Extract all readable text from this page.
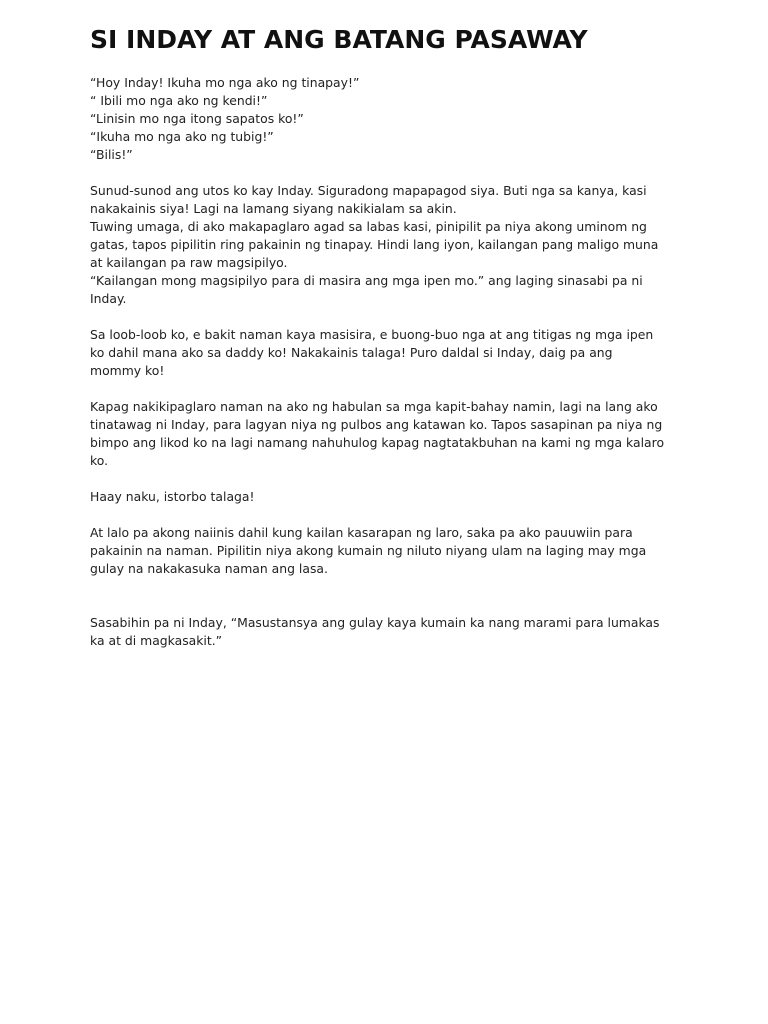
SI INDAY AT ANG BATANG PASAWAY
“Hoy Inday! Ikuha mo nga ako ng tinapay!”
“ Ibili mo nga ako ng kendi!”
“Linisin mo nga itong sapatos ko!”
“Ikuha mo nga ako ng tubig!”
“Bilis!”
Sunud-sunod ang utos ko kay Inday. Siguradong mapapagod siya. Buti nga sa kanya, kasi
nakakainis siya! Lagi na lamang siyang nakikialam sa akin.
Tuwing umaga, di ako makapaglaro agad sa labas kasi, pinipilit pa niya akong uminom ng
gatas, tapos pipilitin ring pakainin ng tinapay. Hindi lang iyon, kailangan pang maligo muna
at kailangan pa raw magsipilyo.
“Kailangan mong magsipilyo para di masira ang mga ipen mo.” ang laging sinasabi pa ni
Inday.
Sa loob-loob ko, e bakit naman kaya masisira, e buong-buo nga at ang titigas ng mga ipen
ko dahil mana ako sa daddy ko! Nakakainis talaga! Puro daldal si Inday, daig pa ang
mommy ko!
Kapag nakikipaglaro naman na ako ng habulan sa mga kapit-bahay namin, lagi na lang ako
tinatawag ni Inday, para lagyan niya ng pulbos ang katawan ko. Tapos sasapinan pa niya ng
bimpo ang likod ko na lagi namang nahuhulog kapag nagtatakbuhan na kami ng mga kalaro
ko.
Haay naku, istorbo talaga!
At lalo pa akong naiinis dahil kung kailan kasarapan ng laro, saka pa ako pauuwiin para
pakainin na naman. Pipilitin niya akong kumain ng niluto niyang ulam na laging may mga
gulay na nakakasuka naman ang lasa.
Sasabihin pa ni Inday, “Masustansya ang gulay kaya kumain ka nang marami para lumakas
ka at di magkasakit.”
